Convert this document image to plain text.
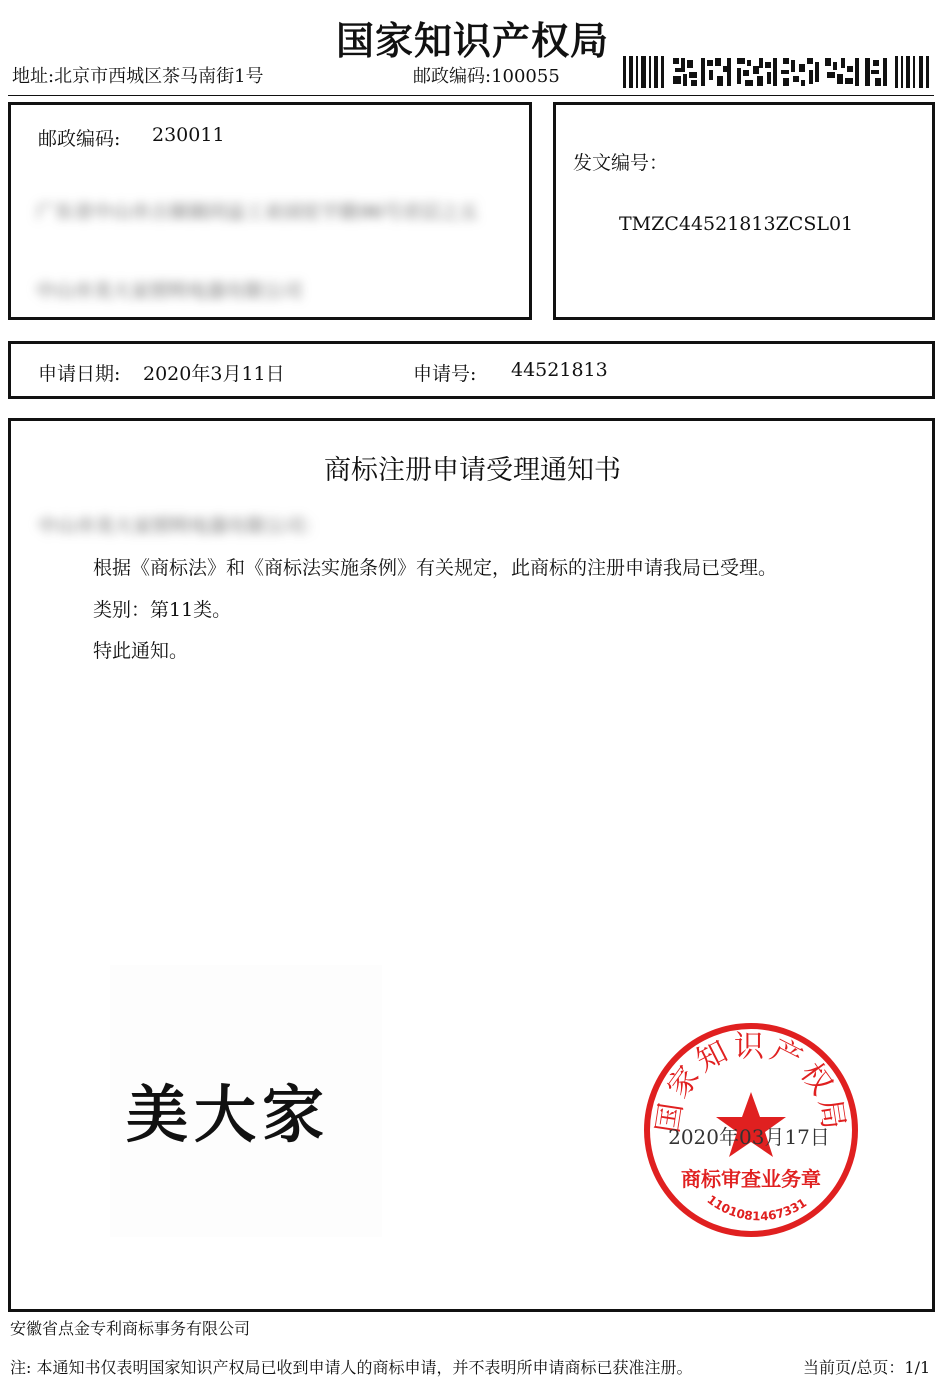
国家知识产权局
地址:北京市西城区茶马南街1号	邮政编码:100055
邮政编码: 230011
广东省中山市古镇镇同益工业园宏宇路96号首层之五
中山市美大家照明电器有限公司
发文编号：
TMZC44521813ZCSL01
申请日期: 2020年3月11日	申请号: 44521813
商标注册申请受理通知书
中山市美大家照明电器有限公司：
根据《商标法》和《商标法实施条例》有关规定，此商标的注册申请我局已受理。
类别：第11类。
特此通知。
美大家	国家知识产权局
2020年03月17日
商标审查业务章
1101081467331
安徽省点金专利商标事务有限公司
注: 本通知书仅表明国家知识产权局已收到申请人的商标申请，并不表明所申请商标已获准注册。	当前页/总页：1/1
